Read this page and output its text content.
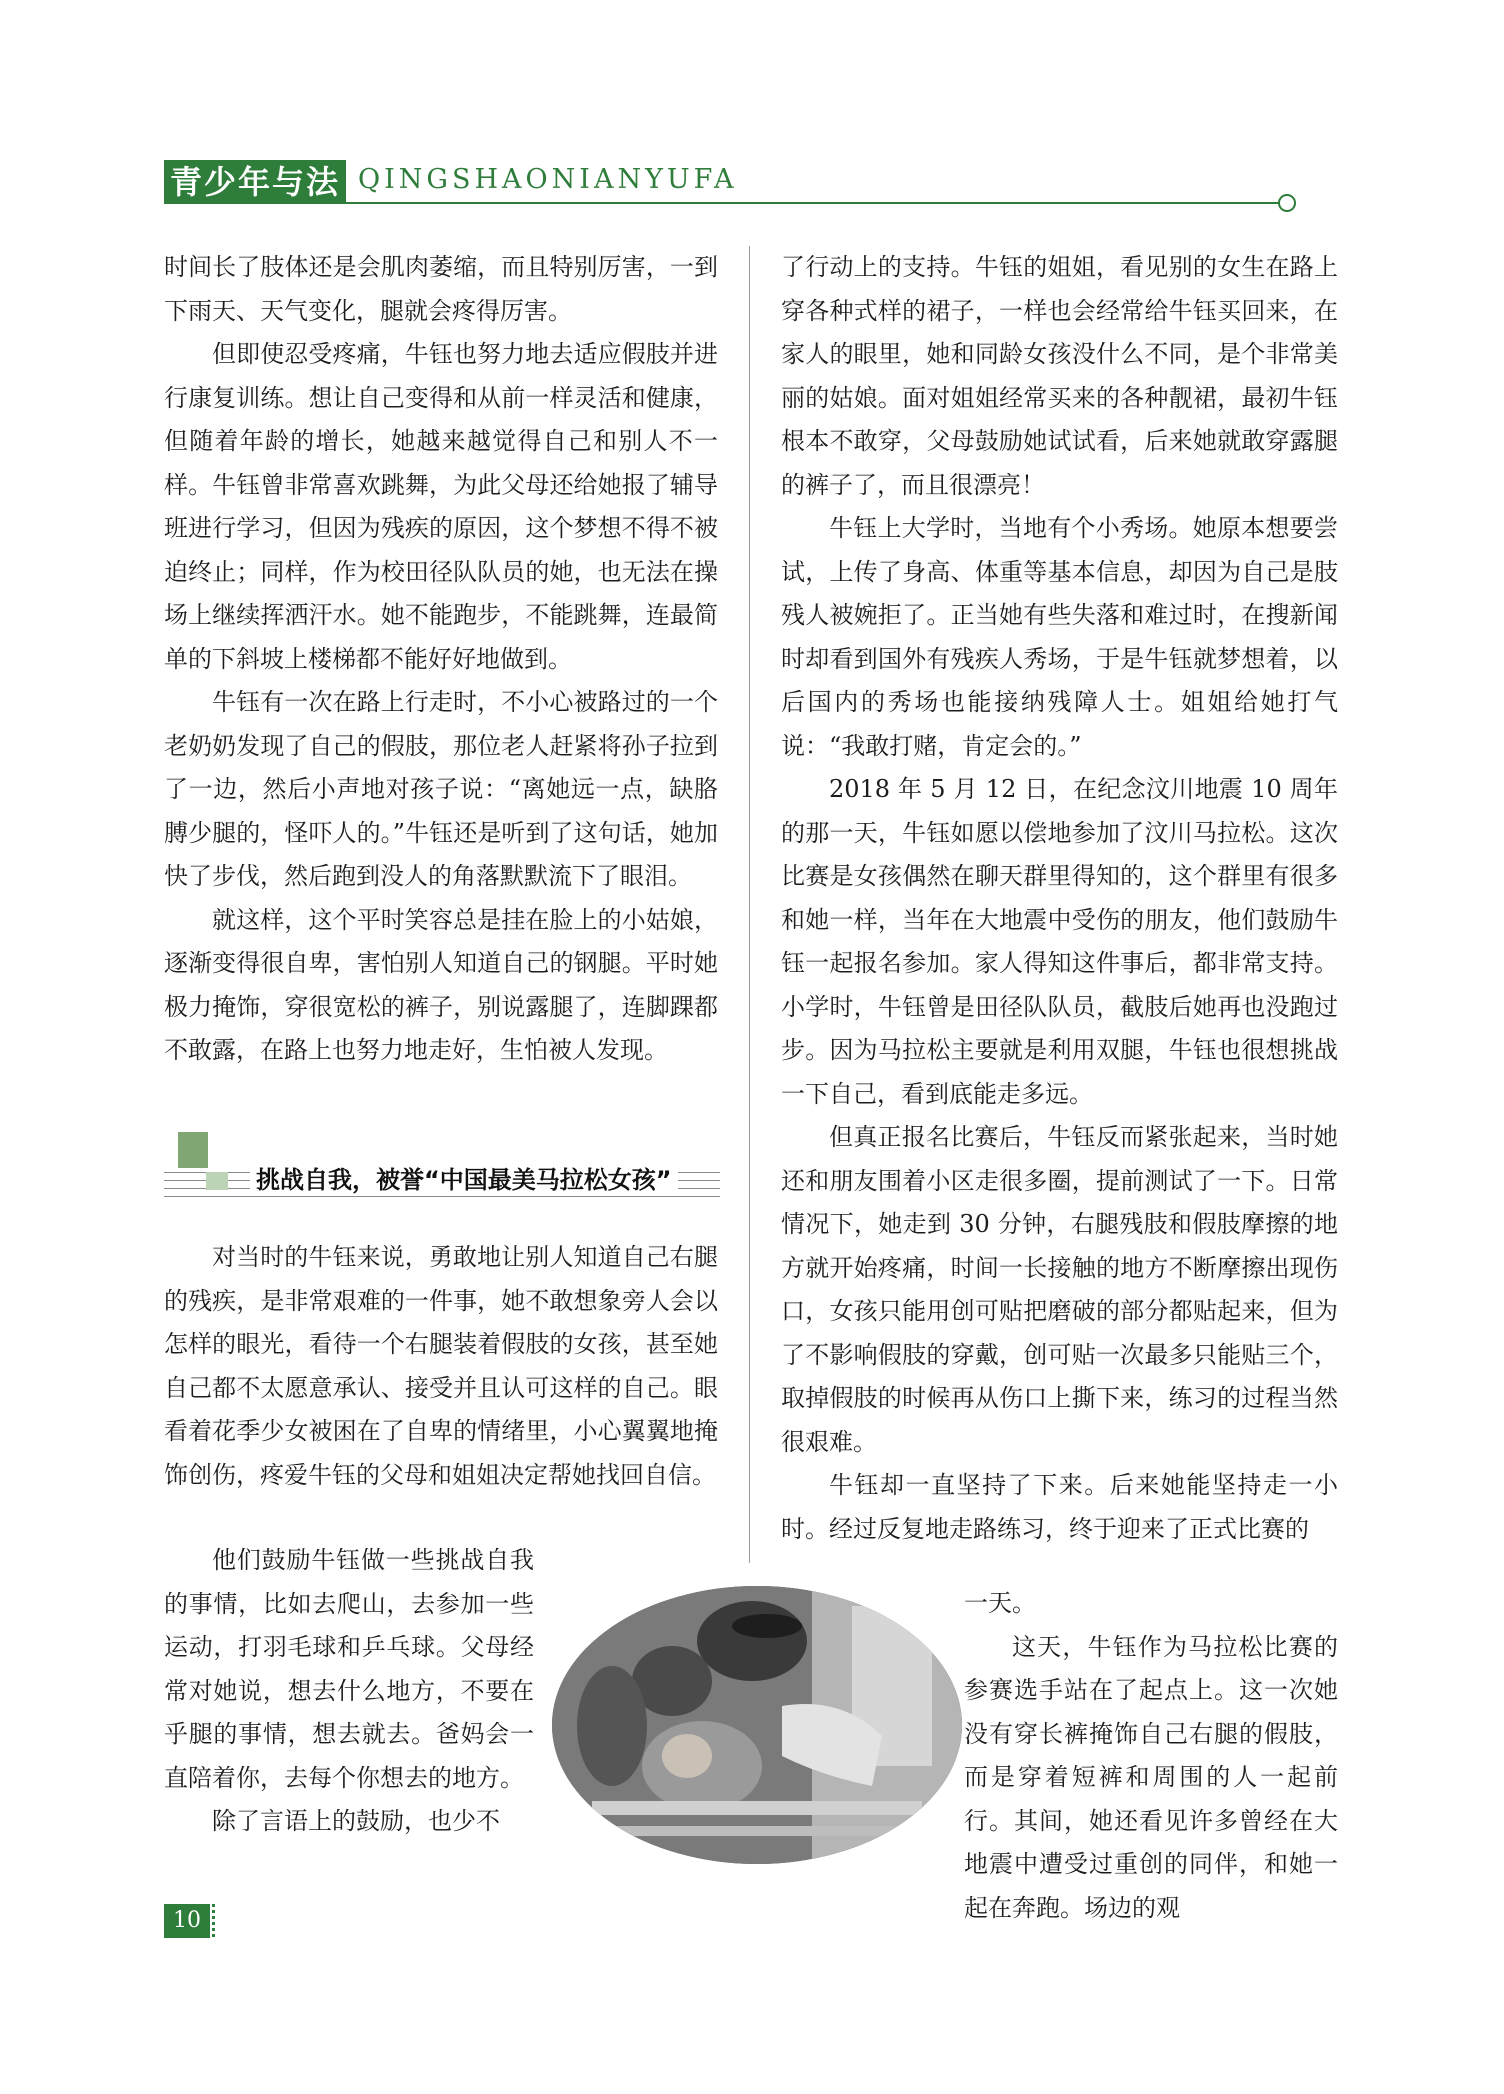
青少年与法 QINGSHAONIANYUFA

时间长了肢体还是会肌肉萎缩，而且特别厉害，一到下雨天、天气变化，腿就会疼得厉害。

但即使忍受疼痛，牛钰也努力地去适应假肢并进行康复训练。想让自己变得和从前一样灵活和健康，但随着年龄的增长，她越来越觉得自己和别人不一样。牛钰曾非常喜欢跳舞，为此父母还给她报了辅导班进行学习，但因为残疾的原因，这个梦想不得不被迫终止；同样，作为校田径队队员的她，也无法在操场上继续挥洒汗水。她不能跑步，不能跳舞，连最简单的下斜坡上楼梯都不能好好地做到。

牛钰有一次在路上行走时，不小心被路过的一个老奶奶发现了自己的假肢，那位老人赶紧将孙子拉到了一边，然后小声地对孩子说：“离她远一点，缺胳膊少腿的，怪吓人的。”牛钰还是听到了这句话，她加快了步伐，然后跑到没人的角落默默流下了眼泪。

就这样，这个平时笑容总是挂在脸上的小姑娘，逐渐变得很自卑，害怕别人知道自己的钢腿。平时她极力掩饰，穿很宽松的裤子，别说露腿了，连脚踝都不敢露，在路上也努力地走好，生怕被人发现。

挑战自我，被誉“中国最美马拉松女孩”

对当时的牛钰来说，勇敢地让别人知道自己右腿的残疾，是非常艰难的一件事，她不敢想象旁人会以怎样的眼光，看待一个右腿装着假肢的女孩，甚至她自己都不太愿意承认、接受并且认可这样的自己。眼看着花季少女被困在了自卑的情绪里，小心翼翼地掩饰创伤，疼爱牛钰的父母和姐姐决定帮她找回自信。

他们鼓励牛钰做一些挑战自我的事情，比如去爬山，去参加一些运动，打羽毛球和乒乓球。父母经常对她说，想去什么地方，不要在乎腿的事情，想去就去。爸妈会一直陪着你，去每个你想去的地方。

除了言语上的鼓励，也少不

了行动上的支持。牛钰的姐姐，看见别的女生在路上穿各种式样的裙子，一样也会经常给牛钰买回来，在家人的眼里，她和同龄女孩没什么不同，是个非常美丽的姑娘。面对姐姐经常买来的各种靓裙，最初牛钰根本不敢穿，父母鼓励她试试看，后来她就敢穿露腿的裤子了，而且很漂亮！

牛钰上大学时，当地有个小秀场。她原本想要尝试，上传了身高、体重等基本信息，却因为自己是肢残人被婉拒了。正当她有些失落和难过时，在搜新闻时却看到国外有残疾人秀场，于是牛钰就梦想着，以后国内的秀场也能接纳残障人士。姐姐给她打气说：“我敢打赌，肯定会的。”

2018 年 5 月 12 日，在纪念汶川地震 10 周年的那一天，牛钰如愿以偿地参加了汶川马拉松。这次比赛是女孩偶然在聊天群里得知的，这个群里有很多和她一样，当年在大地震中受伤的朋友，他们鼓励牛钰一起报名参加。家人得知这件事后，都非常支持。小学时，牛钰曾是田径队队员，截肢后她再也没跑过步。因为马拉松主要就是利用双腿，牛钰也很想挑战一下自己，看到底能走多远。

但真正报名比赛后，牛钰反而紧张起来，当时她还和朋友围着小区走很多圈，提前测试了一下。日常情况下，她走到 30 分钟，右腿残肢和假肢摩擦的地方就开始疼痛，时间一长接触的地方不断摩擦出现伤口，女孩只能用创可贴把磨破的部分都贴起来，但为了不影响假肢的穿戴，创可贴一次最多只能贴三个，取掉假肢的时候再从伤口上撕下来，练习的过程当然很艰难。

牛钰却一直坚持了下来。后来她能坚持走一小时。经过反复地走路练习，终于迎来了正式比赛的

一天。

这天，牛钰作为马拉松比赛的参赛选手站在了起点上。这一次她没有穿长裤掩饰自己右腿的假肢，而是穿着短裤和周围的人一起前行。其间，她还看见许多曾经在大地震中遭受过重创的同伴，和她一起在奔跑。场边的观

10
